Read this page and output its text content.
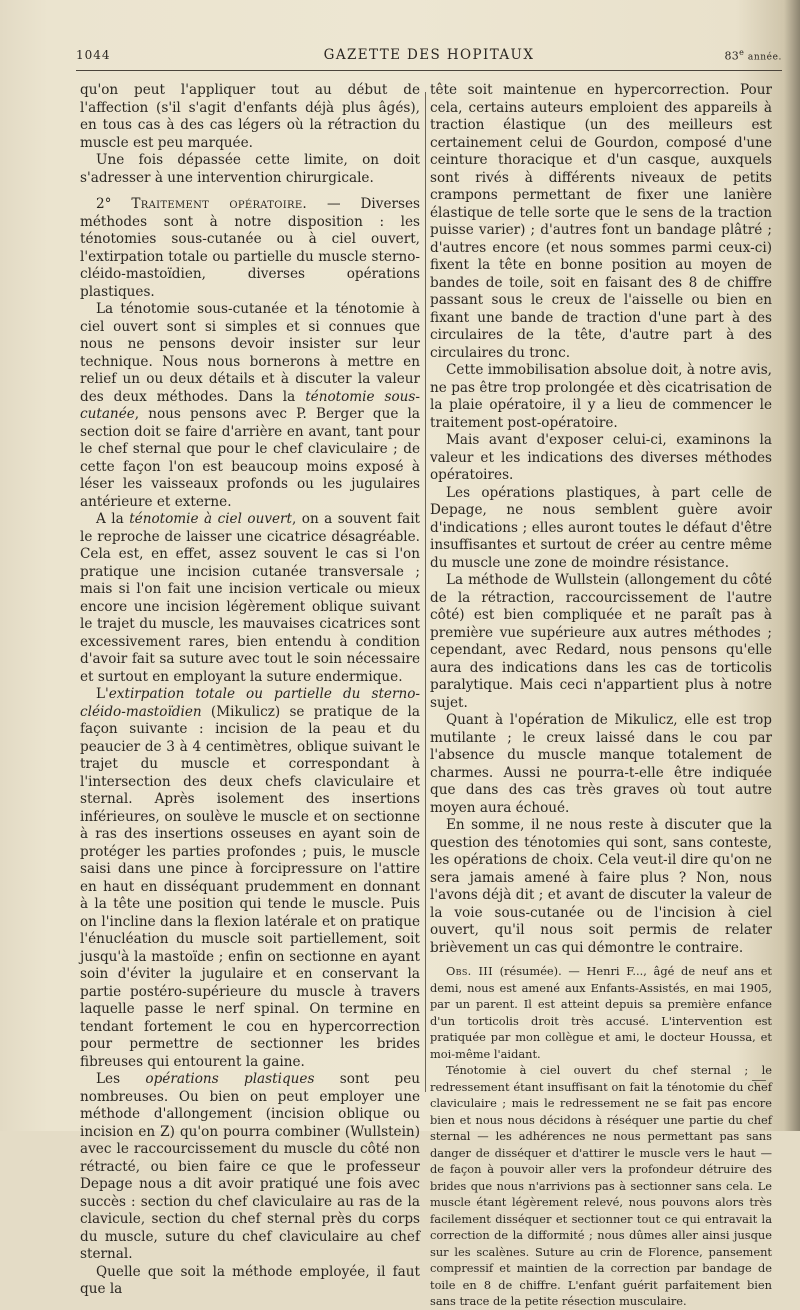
1044	GAZETTE DES HOPITAUX	83e année.

qu'on peut l'appliquer tout au début de l'affection (s'il s'agit d'enfants déjà plus âgés), en tous cas à des cas légers où la rétraction du muscle est peu marquée.

Une fois dépassée cette limite, on doit s'adresser à une intervention chirurgicale.

2° Traitement opératoire. — Diverses méthodes sont à notre disposition : les ténotomies sous-cutanée ou à ciel ouvert, l'extirpation totale ou partielle du muscle sterno-cléido-mastoïdien, diverses opérations plastiques.

La ténotomie sous-cutanée et la ténotomie à ciel ouvert sont si simples et si connues que nous ne pensons devoir insister sur leur technique. Nous nous bornerons à mettre en relief un ou deux détails et à discuter la valeur des deux méthodes. Dans la ténotomie sous-cutanée, nous pensons avec P. Berger que la section doit se faire d'arrière en avant, tant pour le chef sternal que pour le chef claviculaire ; de cette façon l'on est beaucoup moins exposé à léser les vaisseaux profonds ou les jugulaires antérieure et externe.

A la ténotomie à ciel ouvert, on a souvent fait le reproche de laisser une cicatrice désagréable. Cela est, en effet, assez souvent le cas si l'on pratique une incision cutanée transversale ; mais si l'on fait une incision verticale ou mieux encore une incision légèrement oblique suivant le trajet du muscle, les mauvaises cicatrices sont excessivement rares, bien entendu à condition d'avoir fait sa suture avec tout le soin nécessaire et surtout en employant la suture endermique.

L'extirpation totale ou partielle du sterno-cléido-mastoïdien (Mikulicz) se pratique de la façon suivante : incision de la peau et du peaucier de 3 à 4 centimètres, oblique suivant le trajet du muscle et correspondant à l'intersection des deux chefs claviculaire et sternal. Après isolement des insertions inférieures, on soulève le muscle et on sectionne à ras des insertions osseuses en ayant soin de protéger les parties profondes ; puis, le muscle saisi dans une pince à forcipressure on l'attire en haut en disséquant prudemment en donnant à la tête une position qui tende le muscle. Puis on l'incline dans la flexion latérale et on pratique l'énucléation du muscle soit partiellement, soit jusqu'à la mastoïde ; enfin on sectionne en ayant soin d'éviter la jugulaire et en conservant la partie postéro-supérieure du muscle à travers laquelle passe le nerf spinal. On termine en tendant fortement le cou en hypercorrection pour permettre de sectionner les brides fibreuses qui entourent la gaine.

Les opérations plastiques sont peu nombreuses. Ou bien on peut employer une méthode d'allongement (incision oblique ou incision en Z) qu'on pourra combiner (Wullstein) avec le raccourcissement du muscle du côté non rétracté, ou bien faire ce que le professeur Depage nous a dit avoir pratiqué une fois avec succès : section du chef claviculaire au ras de la clavicule, section du chef sternal près du corps du muscle, suture du chef claviculaire au chef sternal.

Quelle que soit la méthode employée, il faut que la

tête soit maintenue en hypercorrection. Pour cela, certains auteurs emploient des appareils à traction élastique (un des meilleurs est certainement celui de Gourdon, composé d'une ceinture thoracique et d'un casque, auxquels sont rivés à différents niveaux de petits crampons permettant de fixer une lanière élastique de telle sorte que le sens de la traction puisse varier) ; d'autres font un bandage plâtré ; d'autres encore (et nous sommes parmi ceux-ci) fixent la tête en bonne position au moyen de bandes de toile, soit en faisant des 8 de chiffre passant sous le creux de l'aisselle ou bien en fixant une bande de traction d'une part à des circulaires de la tête, d'autre part à des circulaires du tronc.

Cette immobilisation absolue doit, à notre avis, ne pas être trop prolongée et dès cicatrisation de la plaie opératoire, il y a lieu de commencer le traitement post-opératoire.

Mais avant d'exposer celui-ci, examinons la valeur et les indications des diverses méthodes opératoires.

Les opérations plastiques, à part celle de Depage, ne nous semblent guère avoir d'indications ; elles auront toutes le défaut d'être insuffisantes et surtout de créer au centre même du muscle une zone de moindre résistance.

La méthode de Wullstein (allongement du côté de la rétraction, raccourcissement de l'autre côté) est bien compliquée et ne paraît pas à première vue supérieure aux autres méthodes ; cependant, avec Redard, nous pensons qu'elle aura des indications dans les cas de torticolis paralytique. Mais ceci n'appartient plus à notre sujet.

Quant à l'opération de Mikulicz, elle est trop mutilante ; le creux laissé dans le cou par l'absence du muscle manque totalement de charmes. Aussi ne pourra-t-elle être indiquée que dans des cas très graves où tout autre moyen aura échoué.

En somme, il ne nous reste à discuter que la question des ténotomies qui sont, sans conteste, les opérations de choix. Cela veut-il dire qu'on ne sera jamais amené à faire plus ? Non, nous l'avons déjà dit ; et avant de discuter la valeur de la voie sous-cutanée ou de l'incision à ciel ouvert, qu'il nous soit permis de relater brièvement un cas qui démontre le contraire.

Obs. III (résumée). — Henri F..., âgé de neuf ans et demi, nous est amené aux Enfants-Assistés, en mai 1905, par un parent. Il est atteint depuis sa première enfance d'un torticolis droit très accusé. L'intervention est pratiquée par mon collègue et ami, le docteur Houssa, et moi-même l'aidant.

Ténotomie à ciel ouvert du chef sternal ; le redressement étant insuffisant on fait la ténotomie du chef claviculaire ; mais le redressement ne se fait pas encore bien et nous nous décidons à réséquer une partie du chef sternal — les adhérences ne nous permettant pas sans danger de disséquer et d'attirer le muscle vers le haut — de façon à pouvoir aller vers la profondeur détruire des brides que nous n'arrivions pas à sectionner sans cela. Le muscle étant légèrement relevé, nous pouvons alors très facilement disséquer et sectionner tout ce qui entravait la correction de la difformité ; nous dûmes aller ainsi jusque sur les scalènes. Suture au crin de Florence, pansement compressif et maintien de la correction par bandage de toile en 8 de chiffre. L'enfant guérit parfaitement bien sans trace de la petite résection musculaire.
